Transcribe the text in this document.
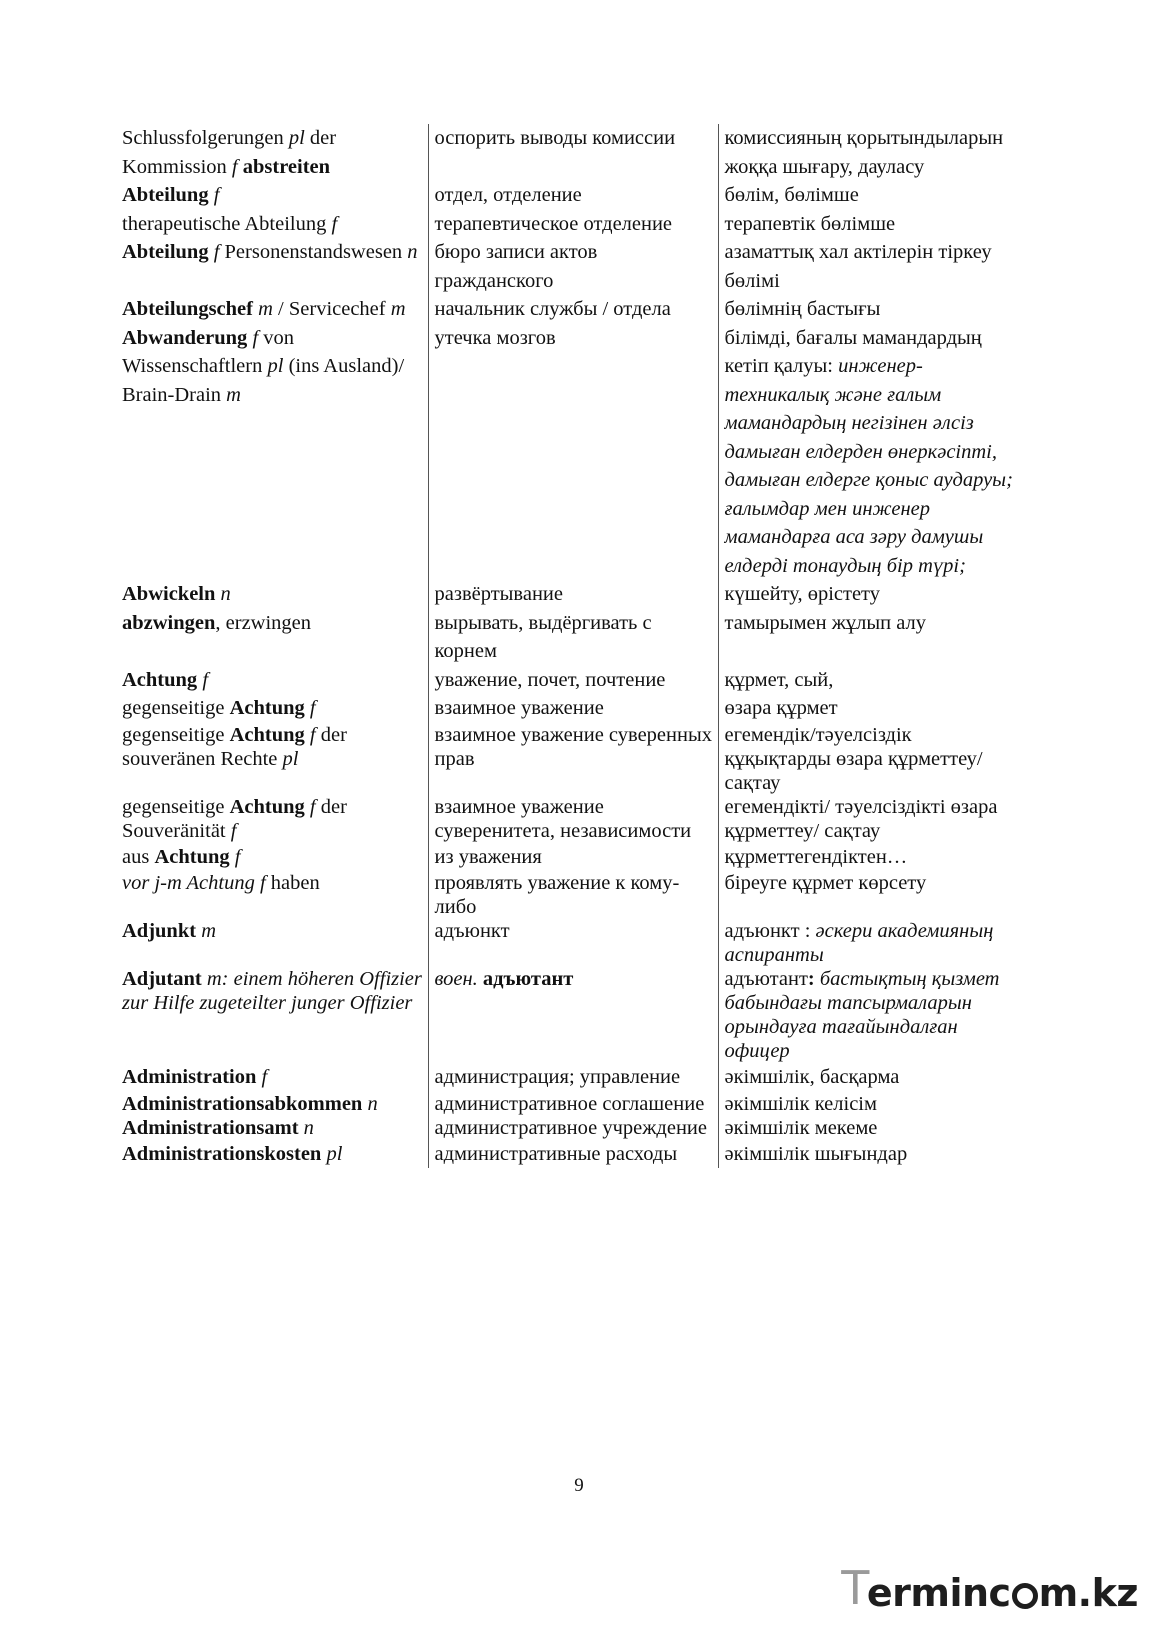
Schlussfolgerungen pl der Kommission f abstreiten	оспорить выводы комиссии	комиссияның қорытындыларын жоққа шығару, дауласу
Abteilung f	отдел, отделение	бөлім, бөлімше
therapeutische Abteilung f	терапевтическое отделение	терапевтік бөлімше
Abteilung f Personenstandswesen n	бюро записи актов гражданского	азаматтық хал актілерін тіркеу бөлімі
Abteilungschef m / Servicechef m	начальник службы / отдела	бөлімнің бастығы
Abwanderung f von Wissenschaftlern pl (ins Ausland)/ Brain-Drain m	утечка мозгов	білімді, бағалы мамандардың кетіп қалуы: инженер-техникалық және ғалым мамандардың негізінен әлсіз дамыған елдерден өнеркәсіпті, дамыған елдерге қоныс аударуы; ғалымдар мен инженер мамандарға аса зәру дамушы елдерді тонаудың бір түрі;
Abwickeln n	развёртывание	күшейту, өрістету
abzwingen, erzwingen	вырывать, выдёргивать с корнем	тамырымен жұлып алу
Achtung f	уважение, почет, почтение	құрмет, сый,
gegenseitige Achtung f	взаимное уважение	өзара құрмет
gegenseitige Achtung f der souveränen Rechte pl	взаимное уважение суверенных прав	егемендік/тәуелсіздік құқықтарды өзара құрметтеу/сақтау
gegenseitige Achtung f der Souveränität f	взаимное уважение суверенитета, независимости	егемендікті/ тәуелсіздікті өзара құрметтеу/ сақтау
aus Achtung f	из уважения	құрметтегендіктен…
vor j-m Achtung f haben	проявлять уважение к кому-либо	біреуге құрмет көрсету
Adjunkt m	адъюнкт	адъюнкт : әскери академияның аспиранты
Adjutant m: einem höheren Offizier zur Hilfe zugeteilter junger Offizier	воен. адъютант	адъютант: бастықтың қызмет бабындағы тапсырмаларын орындауға тағайындалған офицер
Administration f	администрация; управление	әкімшілік, басқарма
Administrationsabkommen n	административное соглашение	әкімшілік келісім
Administrationsamt n	административное учреждение	әкімшілік мекеме
Administrationskosten pl	административные расходы	әкімшілік шығындар
9
T
ermin c m.kz
